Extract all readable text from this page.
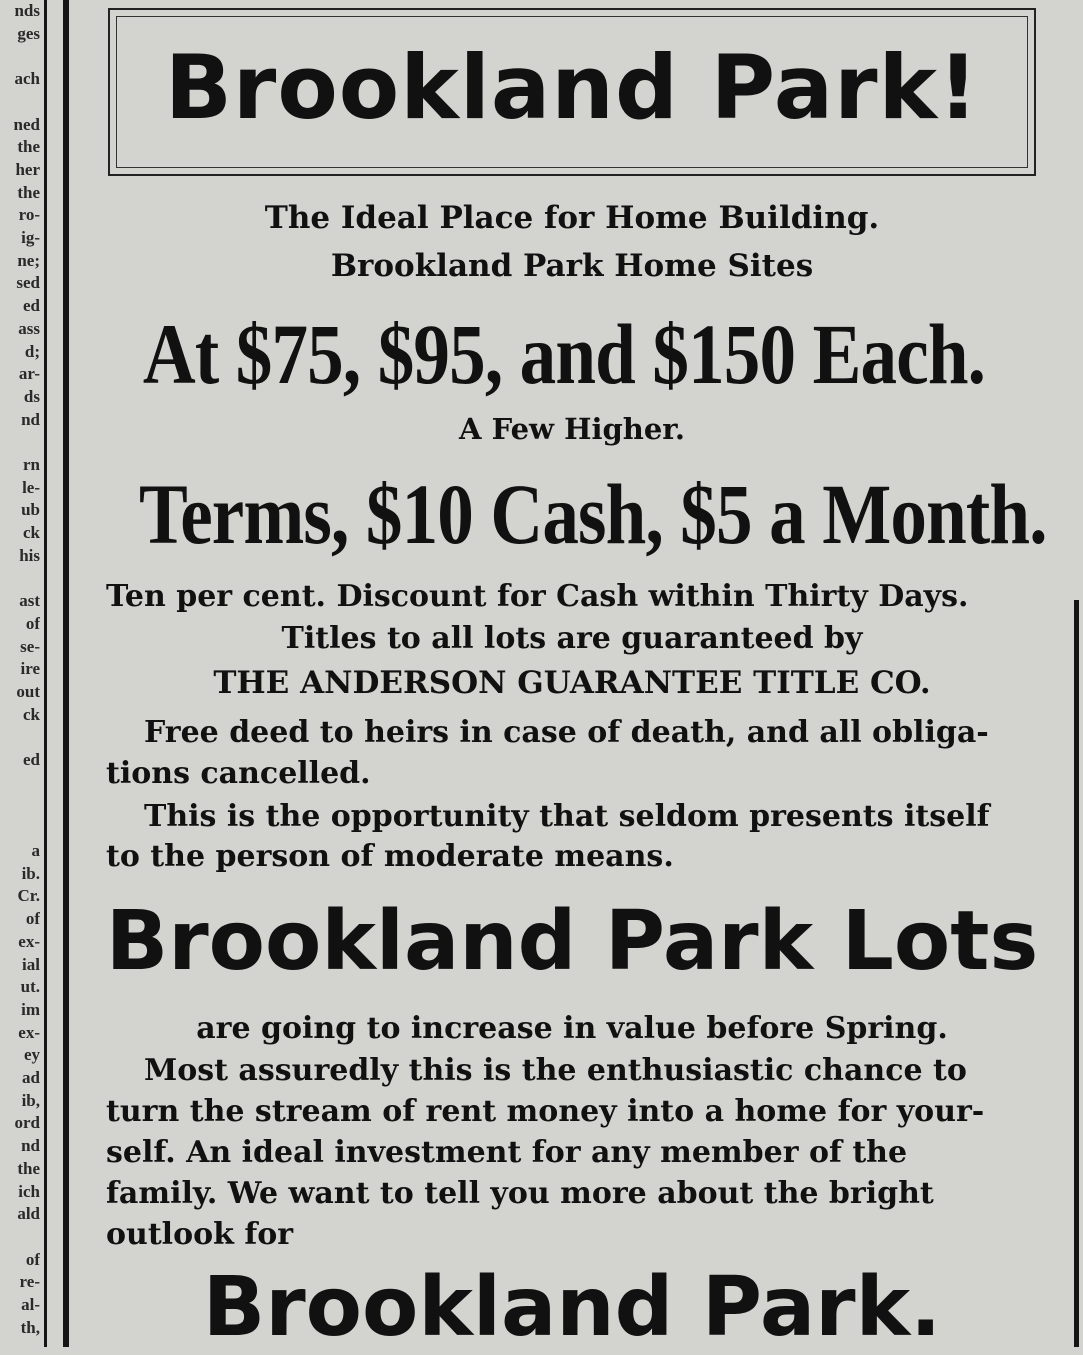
nds
ges

ach

ned
the
her
the
ro-
ig-
ne;
sed
ed
ass
d;
ar-
ds
nd

rn
le-
ub
ck
his

ast
of
se-
ire
out
ck

ed

a
ib.
Cr.
of
ex-
ial
ut.
im
ex-
ey
ad
ib,
ord
nd
the
ich
ald

of
re-
al-
th,
Brookland Park!
The Ideal Place for Home Building.
Brookland Park Home Sites
At $75, $95, and $150 Each.
A Few Higher.
Terms, $10 Cash, $5 a Month.
Ten per cent. Discount for Cash within Thirty Days.
Titles to all lots are guaranteed by
THE ANDERSON GUARANTEE TITLE CO.
Free deed to heirs in case of death, and all obliga-
tions cancelled.
This is the opportunity that seldom presents itself
to the person of moderate means.
Brookland Park Lots
are going to increase in value before Spring.
Most assuredly this is the enthusiastic chance to
turn the stream of rent money into a home for your-
self. An ideal investment for any member of the
family. We want to tell you more about the bright
outlook for
Brookland Park.
